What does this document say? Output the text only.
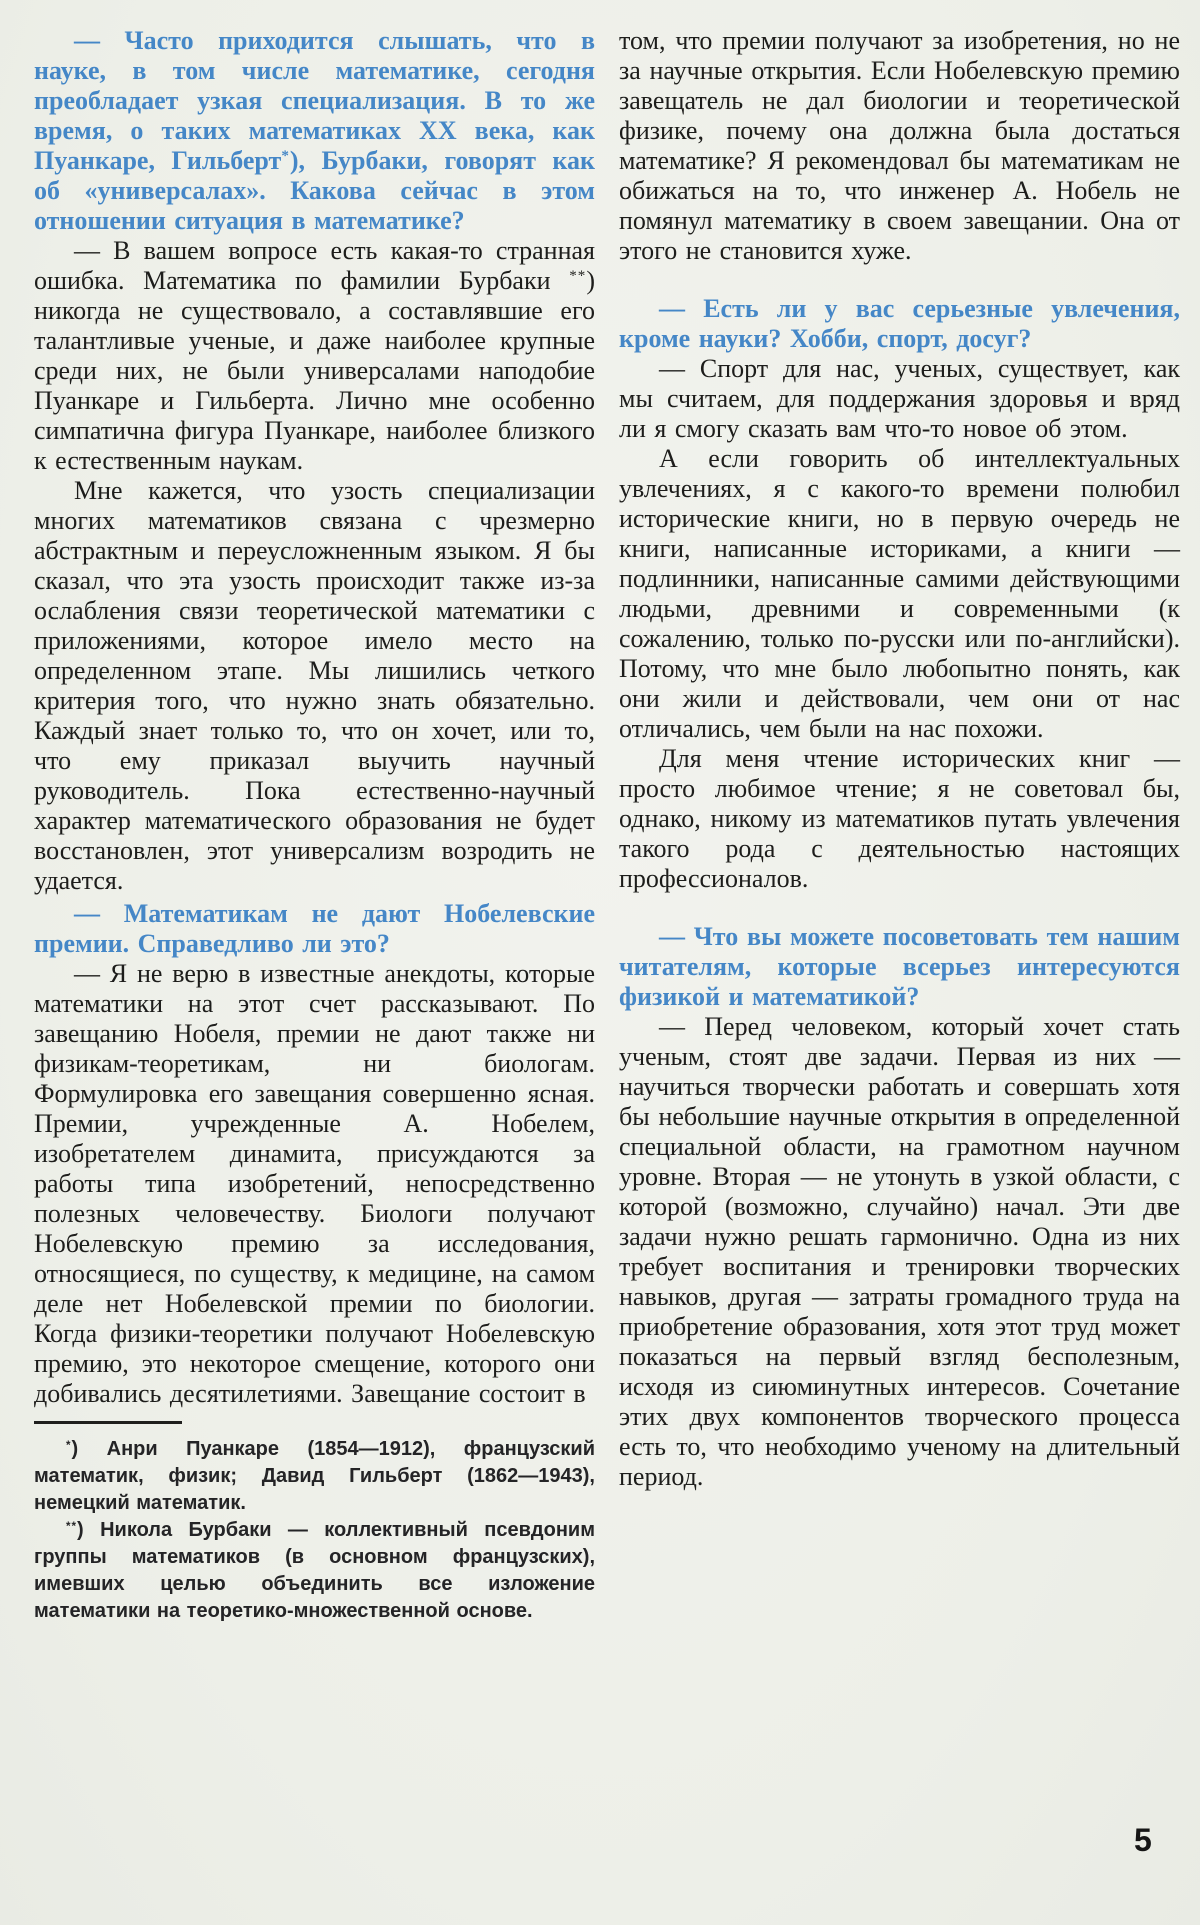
— Часто приходится слышать, что в науке, в том числе математике, сегодня преобладает узкая специализация. В то же время, о таких математиках XX века, как Пуанкаре, Гильберт*), Бурбаки, говорят как об «универсалах». Какова сейчас в этом отношении ситуация в математике?

— В вашем вопросе есть какая-то странная ошибка. Математика по фамилии Бурбаки **) никогда не существовало, а составлявшие его талантливые ученые, и даже наиболее крупные среди них, не были универсалами наподобие Пуанкаре и Гильберта. Лично мне особенно симпатична фигура Пуанкаре, наиболее близкого к естественным наукам.

Мне кажется, что узость специализации многих математиков связана с чрезмерно абстрактным и переусложненным языком. Я бы сказал, что эта узость происходит также из-за ослабления связи теоретической математики с приложениями, которое имело место на определенном этапе. Мы лишились четкого критерия того, что нужно знать обязательно. Каждый знает только то, что он хочет, или то, что ему приказал выучить научный руководитель. Пока естественно-научный характер математического образования не будет восстановлен, этот универсализм возродить не удается.

— Математикам не дают Нобелевские премии. Справедливо ли это?

— Я не верю в известные анекдоты, которые математики на этот счет рассказывают. По завещанию Нобеля, премии не дают также ни физикам-теоретикам, ни биологам. Формулировка его завещания совершенно ясная. Премии, учрежденные А. Нобелем, изобретателем динамита, присуждаются за работы типа изобретений, непосредственно полезных человечеству. Биологи получают Нобелевскую премию за исследования, относящиеся, по существу, к медицине, на самом деле нет Нобелевской премии по биологии. Когда физики-теоретики получают Нобелевскую премию, это некоторое смещение, которого они добивались десятилетиями. Завещание состоит в

*) Анри Пуанкаре (1854—1912), французский математик, физик; Давид Гильберт (1862—1943), немецкий математик.

**) Никола Бурбаки — коллективный псевдоним группы математиков (в основном французских), имевших целью объединить все изложение математики на теоретико-множественной основе.

том, что премии получают за изобретения, но не за научные открытия. Если Нобелевскую премию завещатель не дал биологии и теоретической физике, почему она должна была достаться математике? Я рекомендовал бы математикам не обижаться на то, что инженер А. Нобель не помянул математику в своем завещании. Она от этого не становится хуже.

— Есть ли у вас серьезные увлечения, кроме науки? Хобби, спорт, досуг?

— Спорт для нас, ученых, существует, как мы считаем, для поддержания здоровья и вряд ли я смогу сказать вам что-то новое об этом.

А если говорить об интеллектуальных увлечениях, я с какого-то времени полюбил исторические книги, но в первую очередь не книги, написанные историками, а книги — подлинники, написанные самими действующими людьми, древними и современными (к сожалению, только по-русски или по-английски). Потому, что мне было любопытно понять, как они жили и действовали, чем они от нас отличались, чем были на нас похожи.

Для меня чтение исторических книг — просто любимое чтение; я не советовал бы, однако, никому из математиков путать увлечения такого рода с деятельностью настоящих профессионалов.

— Что вы можете посоветовать тем нашим читателям, которые всерьез интересуются физикой и математикой?

— Перед человеком, который хочет стать ученым, стоят две задачи. Первая из них — научиться творчески работать и совершать хотя бы небольшие научные открытия в определенной специальной области, на грамотном научном уровне. Вторая — не утонуть в узкой области, с которой (возможно, случайно) начал. Эти две задачи нужно решать гармонично. Одна из них требует воспитания и тренировки творческих навыков, другая — затраты громадного труда на приобретение образования, хотя этот труд может показаться на первый взгляд бесполезным, исходя из сиюминутных интересов. Сочетание этих двух компонентов творческого процесса есть то, что необходимо ученому на длительный период.

5
